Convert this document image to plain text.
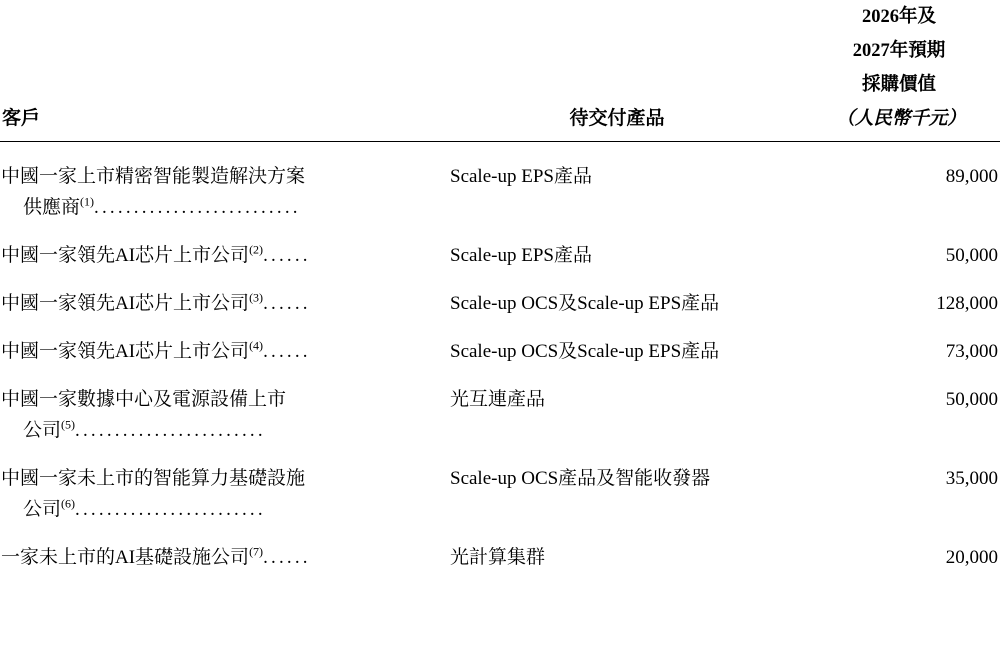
		2026年及
2027年預期
採購價值

客戶	待交付產品	（人民幣千元）

中國一家上市精密智能製造解決方案
供應商$^{(1)}$..........................	Scale-up EPS產品	89,000

中國一家領先AI芯片上市公司$^{(2)}$......	Scale-up EPS產品	50,000

中國一家領先AI芯片上市公司$^{(3)}$......	Scale-up OCS及Scale-up EPS產品	128,000

中國一家領先AI芯片上市公司$^{(4)}$......	Scale-up OCS及Scale-up EPS產品	73,000

中國一家數據中心及電源設備上市
公司$^{(5)}$........................	光互連產品	50,000

中國一家未上市的智能算力基礎設施
公司$^{(6)}$........................	Scale-up OCS產品及智能收發器	35,000

一家未上市的AI基礎設施公司$^{(7)}$......	光計算集群	20,000
